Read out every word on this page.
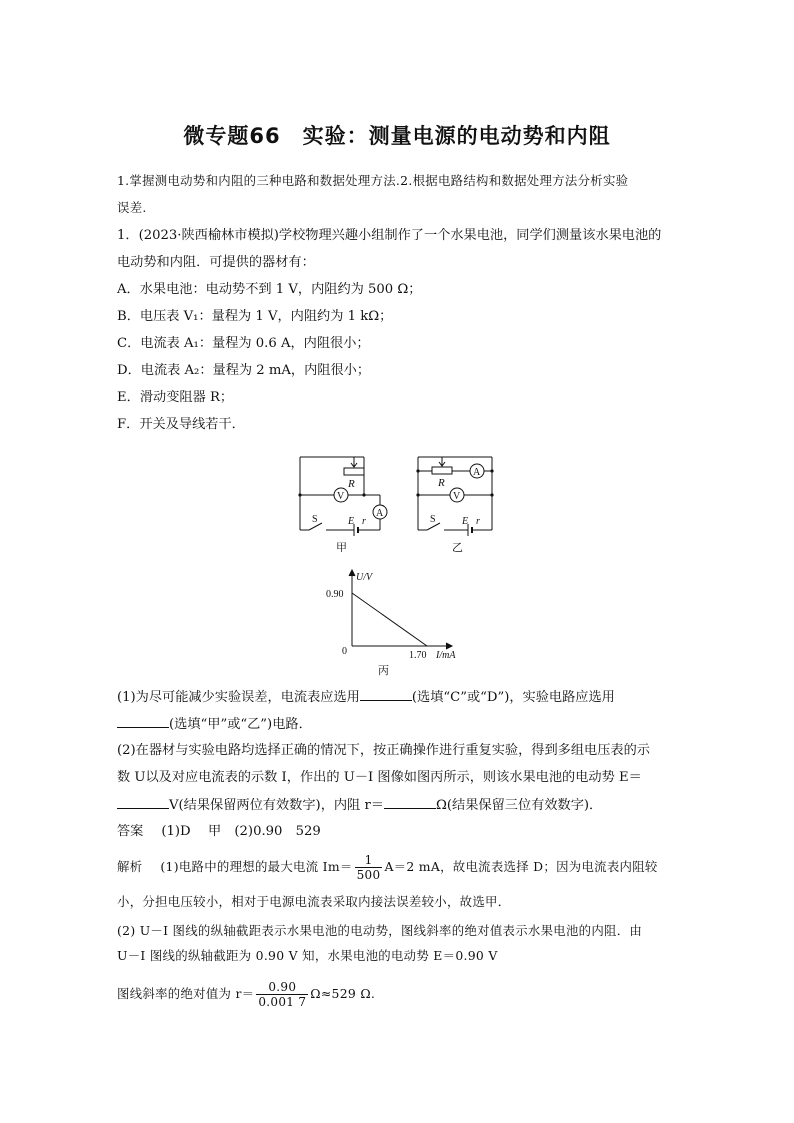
微专题66　实验：测量电源的电动势和内阻
1.掌握测电动势和内阻的三种电路和数据处理方法.2.根据电路结构和数据处理方法分析实验
误差.
1．(2023·陕西榆林市模拟)学校物理兴趣小组制作了一个水果电池，同学们测量该水果电池的
电动势和内阻．可提供的器材有：
A．水果电池：电动势不到 1 V，内阻约为 500 Ω；
B．电压表 V₁：量程为 1 V，内阻约为 1 kΩ；
C．电流表 A₁：量程为 0.6 A，内阻很小；
D．电流表 A₂：量程为 2 mA，内阻很小；
E．滑动变阻器 R；
F．开关及导线若干．
R
V
A
S	E r
甲
R
A
V
S	E r
乙
U/V
0.90
0	1.70 I/mA
丙
(1)为尽可能减少实验误差，电流表应选用	(选填“C”或“D”)，实验电路应选用
(选填“甲”或“乙”)电路．
(2)在器材与实验电路均选择正确的情况下，按正确操作进行重复实验，得到多组电压表的示
数 U以及对应电流表的示数 I，作出的 U－I 图像如图丙所示，则该水果电池的电动势 E＝
V(结果保留两位有效数字)，内阻 r＝	Ω(结果保留三位有效数字)．
答案 (1)D　 甲　(2)0.90　529
解析 (1)电路中的理想的最大电流 $Im= \frac{1}{500} A=2$ mA，故电流表选择 D；因为电流表内阻较
小，分担电压较小，相对于电源电流表采取内接法误差较小，故选甲．
(2) U－I 图线的纵轴截距表示水果电池的电动势，图线斜率的绝对值表示水果电池的内阻．由
U－I 图线的纵轴截距为 0.90 V 知，水果电池的电动势 E＝0.90 V
图线斜率的绝对值为 $r= \frac{0.90}{0.001 7} \Omega\approx 529$ Ω.
